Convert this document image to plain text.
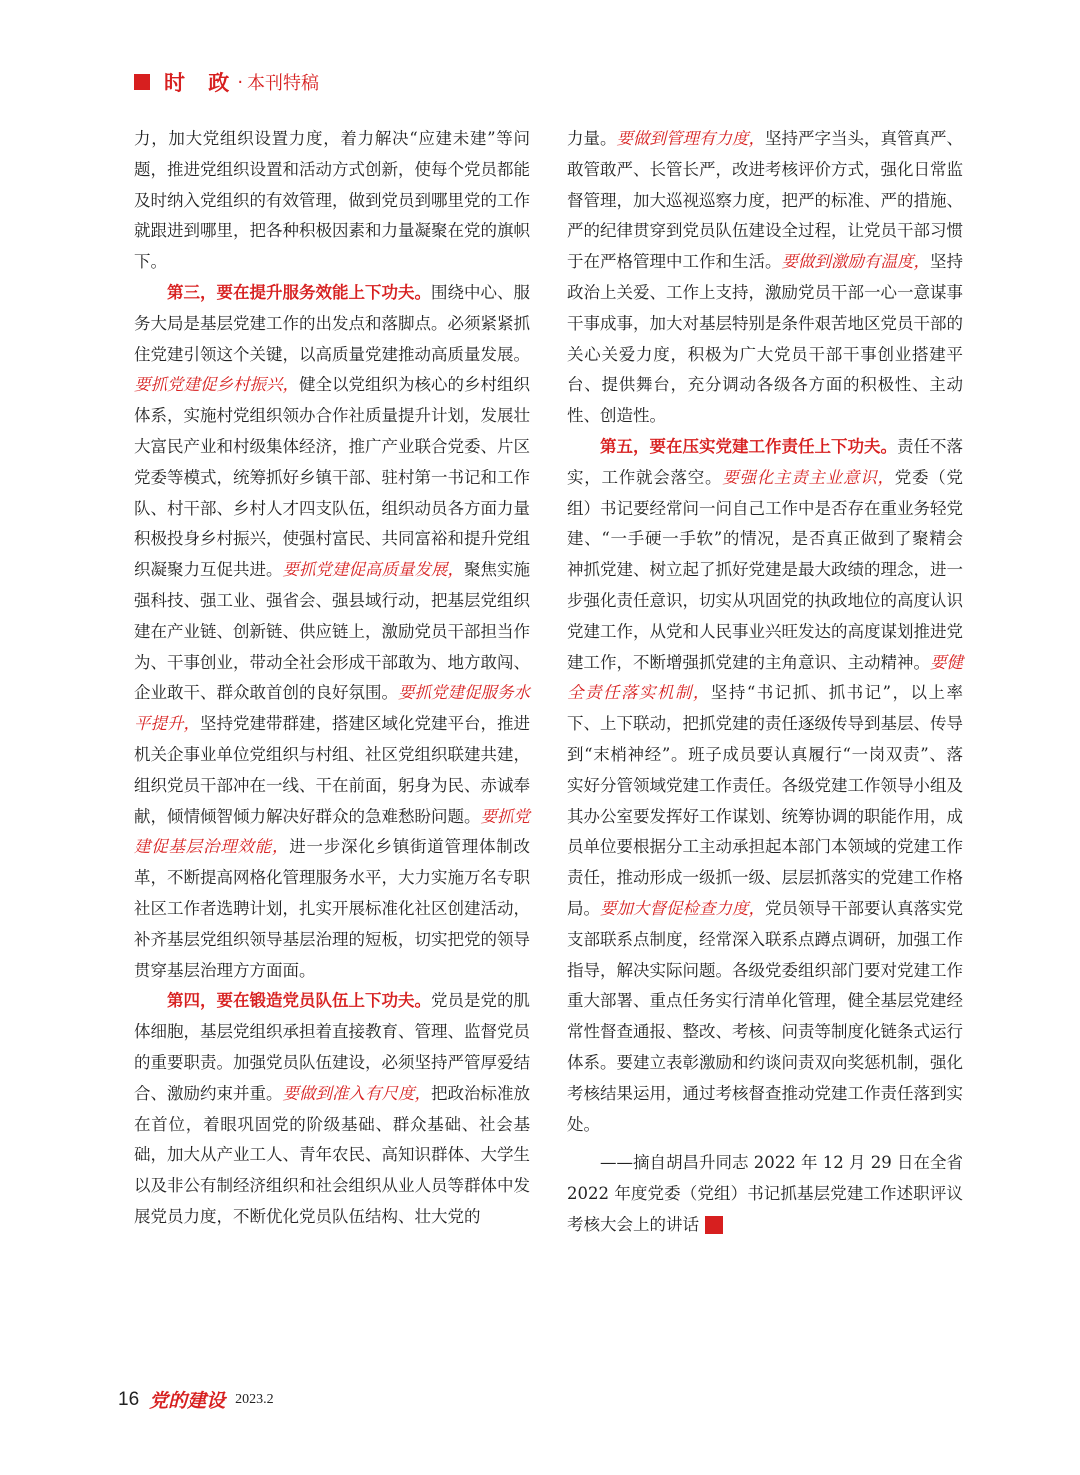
时 政 · 本刊特稿

力，加大党组织设置力度，着力解决“应建未建”等问题，推进党组织设置和活动方式创新，使每个党员都能及时纳入党组织的有效管理，做到党员到哪里党的工作就跟进到哪里，把各种积极因素和力量凝聚在党的旗帜下。

第三，要在提升服务效能上下功夫。围绕中心、服务大局是基层党建工作的出发点和落脚点。必须紧紧抓住党建引领这个关键，以高质量党建推动高质量发展。要抓党建促乡村振兴，健全以党组织为核心的乡村组织体系，实施村党组织领办合作社质量提升计划，发展壮大富民产业和村级集体经济，推广产业联合党委、片区党委等模式，统筹抓好乡镇干部、驻村第一书记和工作队、村干部、乡村人才四支队伍，组织动员各方面力量积极投身乡村振兴，使强村富民、共同富裕和提升党组织凝聚力互促共进。要抓党建促高质量发展，聚焦实施强科技、强工业、强省会、强县域行动，把基层党组织建在产业链、创新链、供应链上，激励党员干部担当作为、干事创业，带动全社会形成干部敢为、地方敢闯、企业敢干、群众敢首创的良好氛围。要抓党建促服务水平提升，坚持党建带群建，搭建区域化党建平台，推进机关企事业单位党组织与村组、社区党组织联建共建，组织党员干部冲在一线、干在前面，躬身为民、赤诚奉献，倾情倾智倾力解决好群众的急难愁盼问题。要抓党建促基层治理效能，进一步深化乡镇街道管理体制改革，不断提高网格化管理服务水平，大力实施万名专职社区工作者选聘计划，扎实开展标准化社区创建活动，补齐基层党组织领导基层治理的短板，切实把党的领导贯穿基层治理方方面面。

第四，要在锻造党员队伍上下功夫。党员是党的肌体细胞，基层党组织承担着直接教育、管理、监督党员的重要职责。加强党员队伍建设，必须坚持严管厚爱结合、激励约束并重。要做到准入有尺度，把政治标准放在首位，着眼巩固党的阶级基础、群众基础、社会基础，加大从产业工人、青年农民、高知识群体、大学生以及非公有制经济组织和社会组织从业人员等群体中发展党员力度，不断优化党员队伍结构、壮大党的

力量。要做到管理有力度，坚持严字当头，真管真严、敢管敢严、长管长严，改进考核评价方式，强化日常监督管理，加大巡视巡察力度，把严的标准、严的措施、严的纪律贯穿到党员队伍建设全过程，让党员干部习惯于在严格管理中工作和生活。要做到激励有温度，坚持政治上关爱、工作上支持，激励党员干部一心一意谋事干事成事，加大对基层特别是条件艰苦地区党员干部的关心关爱力度，积极为广大党员干部干事创业搭建平台、提供舞台，充分调动各级各方面的积极性、主动性、创造性。

第五，要在压实党建工作责任上下功夫。责任不落实，工作就会落空。要强化主责主业意识，党委（党组）书记要经常问一问自己工作中是否存在重业务轻党建、“一手硬一手软”的情况，是否真正做到了聚精会神抓党建、树立起了抓好党建是最大政绩的理念，进一步强化责任意识，切实从巩固党的执政地位的高度认识党建工作，从党和人民事业兴旺发达的高度谋划推进党建工作，不断增强抓党建的主角意识、主动精神。要健全责任落实机制，坚持“书记抓、抓书记”，以上率下、上下联动，把抓党建的责任逐级传导到基层、传导到“末梢神经”。班子成员要认真履行“一岗双责”、落实好分管领域党建工作责任。各级党建工作领导小组及其办公室要发挥好工作谋划、统筹协调的职能作用，成员单位要根据分工主动承担起本部门本领域的党建工作责任，推动形成一级抓一级、层层抓落实的党建工作格局。要加大督促检查力度，党员领导干部要认真落实党支部联系点制度，经常深入联系点蹲点调研，加强工作指导，解决实际问题。各级党委组织部门要对党建工作重大部署、重点任务实行清单化管理，健全基层党建经常性督查通报、整改、考核、问责等制度化链条式运行体系。要建立表彰激励和约谈问责双向奖惩机制，强化考核结果运用，通过考核督查推动党建工作责任落到实处。

——摘自胡昌升同志 2022 年 12 月 29 日在全省 2022 年度党委（党组）书记抓基层党建工作述职评议考核大会上的讲话	D

16 党的建设 2023.2
